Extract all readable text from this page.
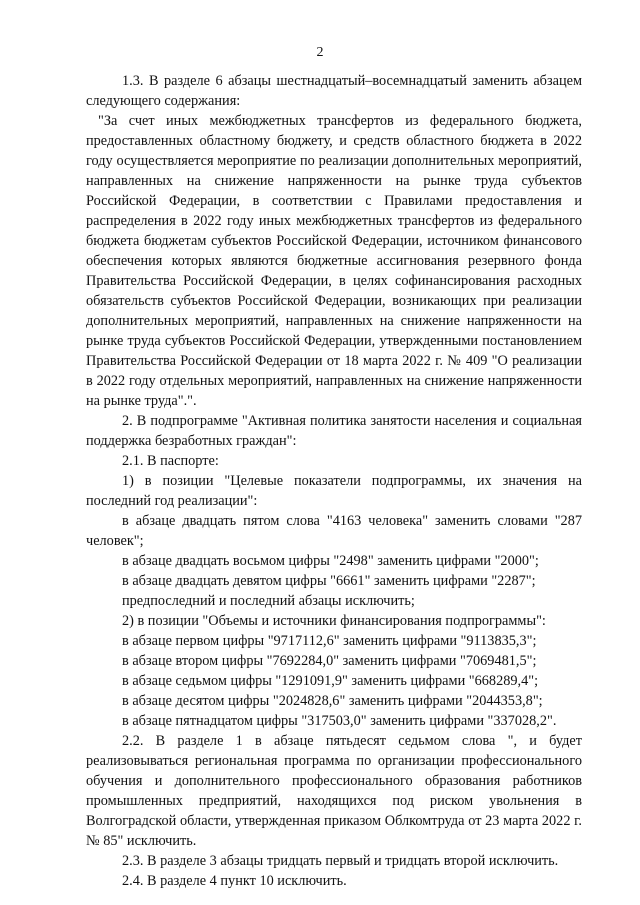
2

1.3. В разделе 6 абзацы шестнадцатый–восемнадцатый заменить абзацем следующего содержания:

"За счет иных межбюджетных трансфертов из федерального бюджета, предоставленных областному бюджету, и средств областного бюджета в 2022 году осуществляется мероприятие по реализации дополнительных мероприятий, направленных на снижение напряженности на рынке труда субъектов Российской Федерации, в соответствии с Правилами предоставления и распределения в 2022 году иных межбюджетных трансфертов из федерального бюджета бюджетам субъектов Российской Федерации, источником финансового обеспечения которых являются бюджетные ассигнования резервного фонда Правительства Российской Федерации, в целях софинансирования расходных обязательств субъектов Российской Федерации, возникающих при реализации дополнительных мероприятий, направленных на снижение напряженности на рынке труда субъектов Российской Федерации, утвержденными постановлением Правительства Российской Федерации от 18 марта 2022 г. № 409 "О реализации в 2022 году отдельных мероприятий, направленных на снижение напряженности на рынке труда".".

2. В подпрограмме "Активная политика занятости населения и социальная поддержка безработных граждан":

2.1. В паспорте:

1) в позиции "Целевые показатели подпрограммы, их значения на последний год реализации":

в абзаце двадцать пятом слова "4163 человека" заменить словами "287 человек";

в абзаце двадцать восьмом цифры "2498" заменить цифрами "2000";

в абзаце двадцать девятом цифры "6661" заменить цифрами "2287";

предпоследний и последний абзацы исключить;

2) в позиции "Объемы и источники финансирования подпрограммы":

в абзаце первом цифры "9717112,6" заменить цифрами "9113835,3";

в абзаце втором цифры "7692284,0" заменить цифрами "7069481,5";

в абзаце седьмом цифры "1291091,9" заменить цифрами "668289,4";

в абзаце десятом цифры "2024828,6" заменить цифрами "2044353,8";

в абзаце пятнадцатом цифры "317503,0" заменить цифрами "337028,2".

2.2. В разделе 1 в абзаце пятьдесят седьмом слова ", и будет реализовываться региональная программа по организации профессионального обучения и дополнительного профессионального образования работников промышленных предприятий, находящихся под риском увольнения в Волгоградской области, утвержденная приказом Облкомтруда от 23 марта 2022 г. № 85" исключить.

2.3. В разделе 3 абзацы тридцать первый и тридцать второй исключить.

2.4. В разделе 4 пункт 10 исключить.
